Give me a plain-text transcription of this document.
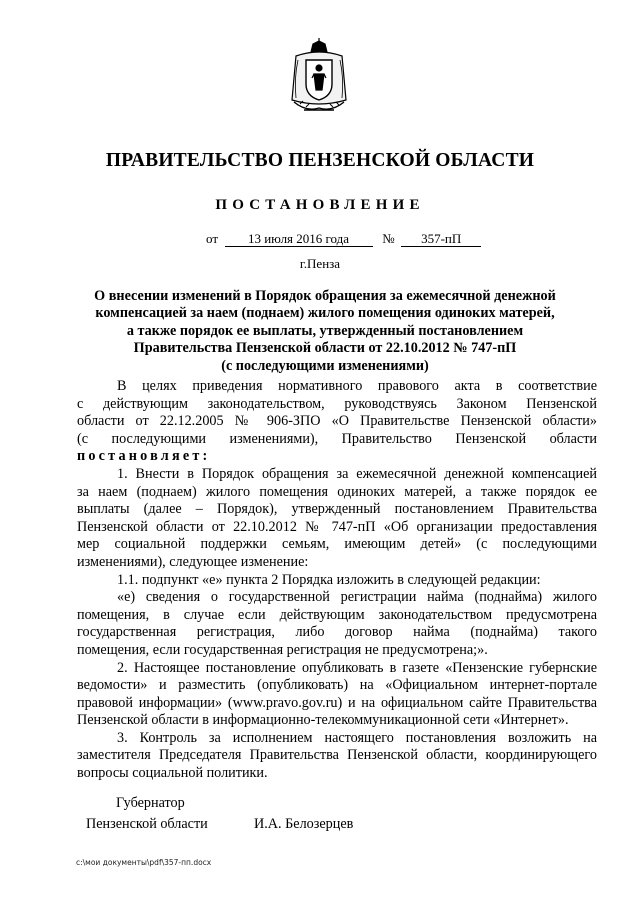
ПРАВИТЕЛЬСТВО ПЕНЗЕНСКОЙ ОБЛАСТИ
ПОСТАНОВЛЕНИЕ
от 13 июля 2016 года	№ 357-пП
г.Пенза
О внесении изменений в Порядок обращения за ежемесячной денежной
компенсацией за наем (поднаем) жилого помещения одиноких матерей,
а также порядок ее выплаты, утвержденный постановлением
Правительства Пензенской области от 22.10.2012 № 747-пП
(с последующими изменениями)
В целях приведения нормативного правового акта в соответствие
с действующим законодательством, руководствуясь Законом Пензенской
области от 22.12.2005 № 906-ЗПО «О Правительстве Пензенской области»
(с последующими изменениями), Правительство Пензенской области
постановляет:
1. Внести в Порядок обращения за ежемесячной денежной компенсацией
за наем (поднаем) жилого помещения одиноких матерей, а также порядок ее
выплаты (далее – Порядок), утвержденный постановлением Правительства
Пензенской области от 22.10.2012 № 747-пП «Об организации предоставления
мер социальной поддержки семьям, имеющим детей» (с последующими
изменениями), следующее изменение:
1.1. подпункт «е» пункта 2 Порядка изложить в следующей редакции:
«е) сведения о государственной регистрации найма (поднайма) жилого
помещения, в случае если действующим законодательством предусмотрена
государственная регистрация, либо договор найма (поднайма) такого
помещения, если государственная регистрация не предусмотрена;».
2. Настоящее постановление опубликовать в газете «Пензенские губернские
ведомости» и разместить (опубликовать) на «Официальном интернет-портале
правовой информации» (www.pravo.gov.ru) и на официальном сайте Правительства
Пензенской области в информационно-телекоммуникационной сети «Интернет».
3. Контроль за исполнением настоящего постановления возложить на
заместителя Председателя Правительства Пензенской области, координирующего
вопросы социальной политики.
Губернатор
Пензенской области	И.А. Белозерцев
c:\мои документы\pdf\357-пп.docx
